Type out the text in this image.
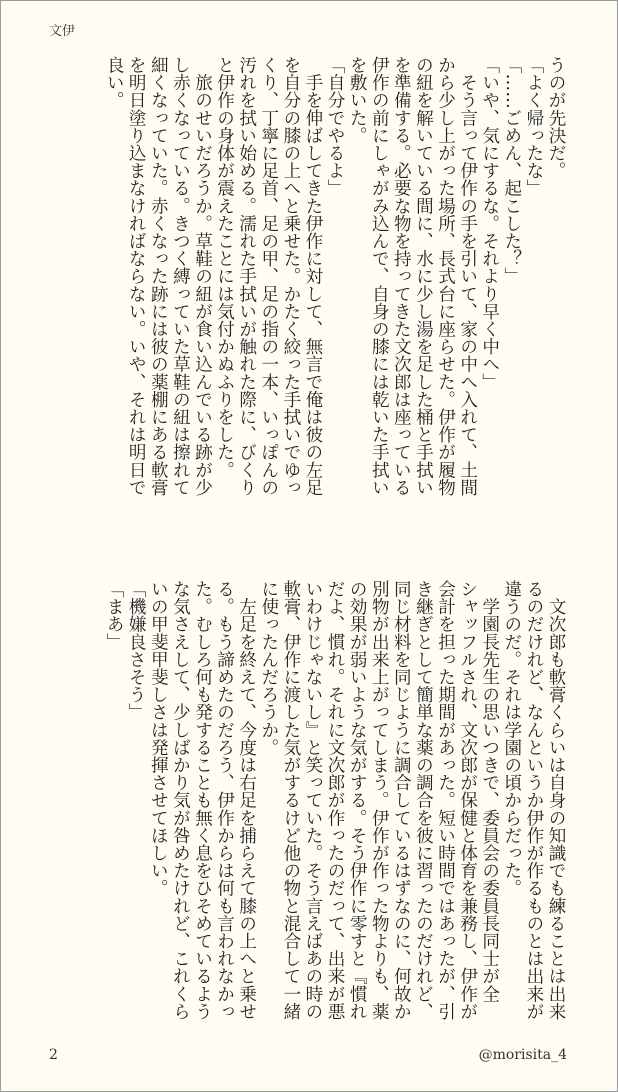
文伊
うのが先決だ。
「よく帰ったな」
「……ごめん、起こした？」
「いや、気にするな。それより早く中へ」
　そう言って伊作の手を引いて、家の中へ入れて、土間
から少し上がった場所、長式台に座らせた。伊作が履物
の紐を解いている間に、水に少し湯を足した桶と手拭い
を準備する。必要な物を持ってきた文次郎は座っている
伊作の前にしゃがみ込んで、自身の膝には乾いた手拭い
を敷いた。
「自分でやるよ」
　手を伸ばしてきた伊作に対して、無言で俺は彼の左足
を自分の膝の上へと乗せた。かたく絞った手拭いでゆっ
くり、丁寧に足首、足の甲、足の指の一本、いっぽんの
汚れを拭い始める。濡れた手拭いが触れた際に、びくり
と伊作の身体が震えたことには気付かぬふりをした。
　旅のせいだろうか。草鞋の紐が食い込んでいる跡が少
し赤くなっている。きつく縛っていた草鞋の紐は擦れて
細くなっていた。赤くなった跡には彼の薬棚にある軟膏
を明日塗り込まなければならない。いや、それは明日で
良い。
　文次郎も軟膏くらいは自身の知識でも練ることは出来
るのだけれど、なんというか伊作が作るものとは出来が
違うのだ。それは学園の頃からだった。
　学園長先生の思いつきで、委員会の委員長同士が全
シャッフルされ、文次郎が保健と体育を兼務し、伊作が
会計を担った期間があった。短い時間ではあったが、引
き継ぎとして簡単な薬の調合を彼に習ったのだけれど、
同じ材料を同じように調合しているはずなのに、何故か
別物が出来上がってしまう。伊作が作った物よりも、薬
の効果が弱いような気がする。そう伊作に零すと『慣れ
だよ、慣れ。それに文次郎が作ったのだって、出来が悪
いわけじゃないし』と笑っていた。そう言えばあの時の
軟膏、伊作に渡した気がするけど他の物と混合して一緒
に使ったんだろうか。
　左足を終えて、今度は右足を捕らえて膝の上へと乗せ
る。もう諦めたのだろう、伊作からは何も言われなかっ
た。むしろ何も発することも無く息をひそめているよう
な気さえして、少しばかり気が咎めたけれど、これくら
いの甲斐甲斐しさは発揮させてほしい。
「機嫌良さそう」
「まあ」
2	@morisita_4
